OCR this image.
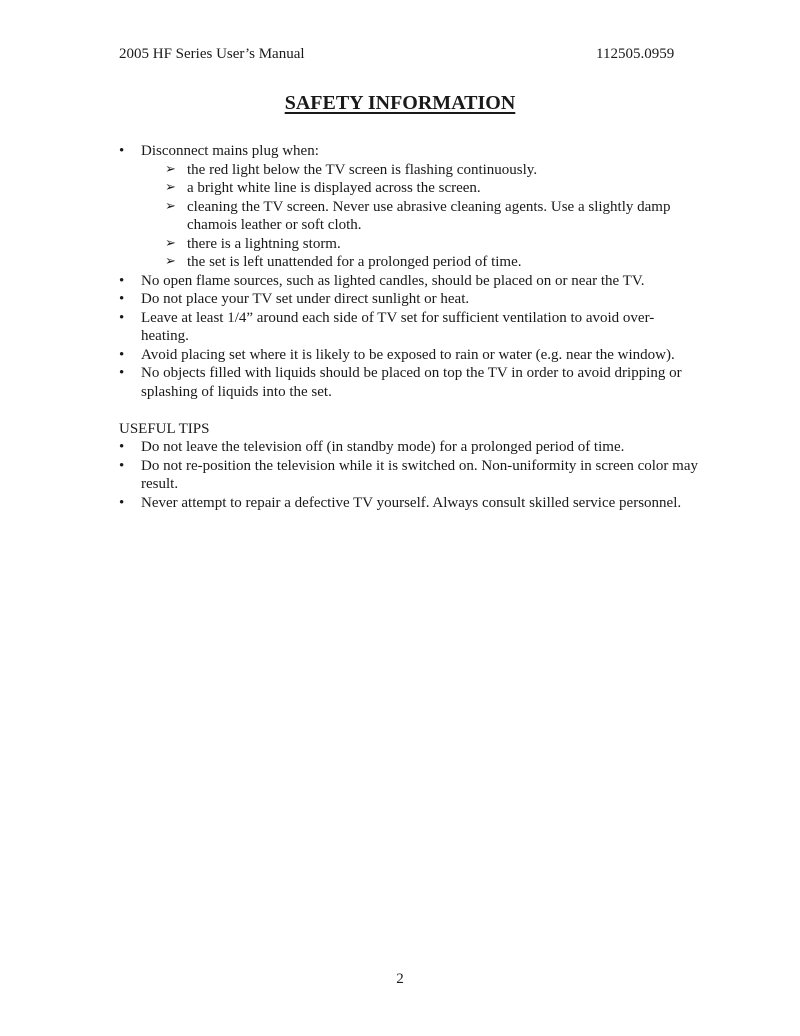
2005 HF Series User’s Manual	112505.0959
SAFETY INFORMATION
• Disconnect mains plug when:
➢ the red light below the TV screen is flashing continuously.
➢ a bright white line is displayed across the screen.
➢ cleaning the TV screen. Never use abrasive cleaning agents. Use a slightly damp chamois leather or soft cloth.
➢ there is a lightning storm.
➢ the set is left unattended for a prolonged period of time.
• No open flame sources, such as lighted candles, should be placed on or near the TV.
• Do not place your TV set under direct sunlight or heat.
• Leave at least 1/4” around each side of TV set for sufficient ventilation to avoid over-heating.
• Avoid placing set where it is likely to be exposed to rain or water (e.g. near the window).
• No objects filled with liquids should be placed on top the TV in order to avoid dripping or splashing of liquids into the set.
USEFUL TIPS
• Do not leave the television off (in standby mode) for a prolonged period of time.
• Do not re-position the television while it is switched on. Non-uniformity in screen color may result.
• Never attempt to repair a defective TV yourself. Always consult skilled service personnel.
2
